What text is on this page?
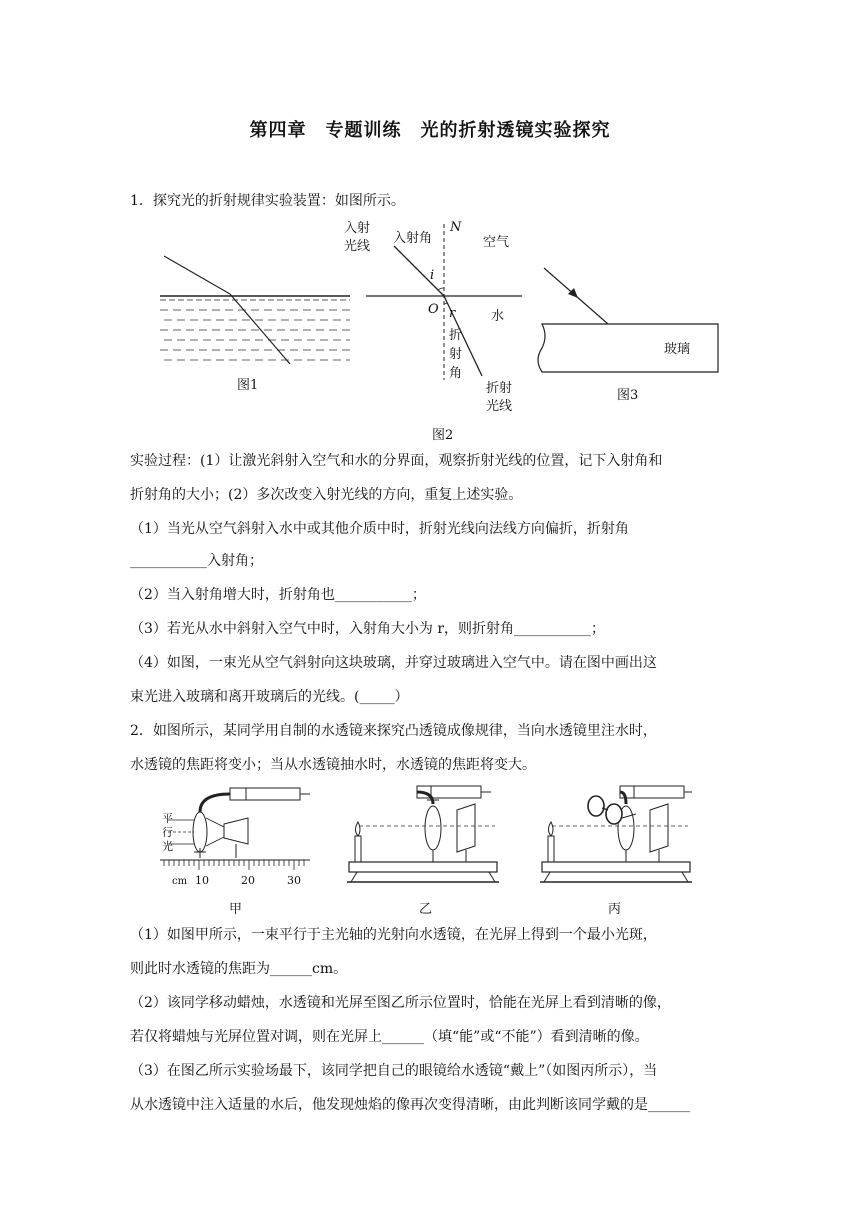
第四章　专题训练　光的折射透镜实验探究
1．探究光的折射规律实验装置：如图所示。
图1
入射
光线
入射角
N
空气
i
O r	水
折
射
角
折射
光线
图2
玻璃
图3
实验过程：(1）让激光斜射入空气和水的分界面，观察折射光线的位置，记下入射角和
折射角的大小；(2）多次改变入射光线的方向，重复上述实验。
（1）当光从空气斜射入水中或其他介质中时，折射光线向法线方向偏折，折射角
___________入射角；
（2）当入射角增大时，折射角也___________；
（3）若光从水中斜射入空气中时，入射角大小为 r，则折射角___________；
（4）如图，一束光从空气斜射向这块玻璃，并穿过玻璃进入空气中。请在图中画出这
束光进入玻璃和离开玻璃后的光线。(_____）
2．如图所示，某同学用自制的水透镜来探究凸透镜成像规律，当向水透镜里注水时，
水透镜的焦距将变小；当从水透镜抽水时，水透镜的焦距将变大。
平
行
光
cm 10	20	30
甲	乙	丙
（1）如图甲所示，一束平行于主光轴的光射向水透镜，在光屏上得到一个最小光斑，
则此时水透镜的焦距为______cm。
（2）该同学移动蜡烛，水透镜和光屏至图乙所示位置时，恰能在光屏上看到清晰的像，
若仅将蜡烛与光屏位置对调，则在光屏上______（填“能”或“不能”）看到清晰的像。
（3）在图乙所示实验场最下，该同学把自己的眼镜给水透镜“戴上”（如图丙所示），当
从水透镜中注入适量的水后，他发现烛焰的像再次变得清晰，由此判断该同学戴的是______
